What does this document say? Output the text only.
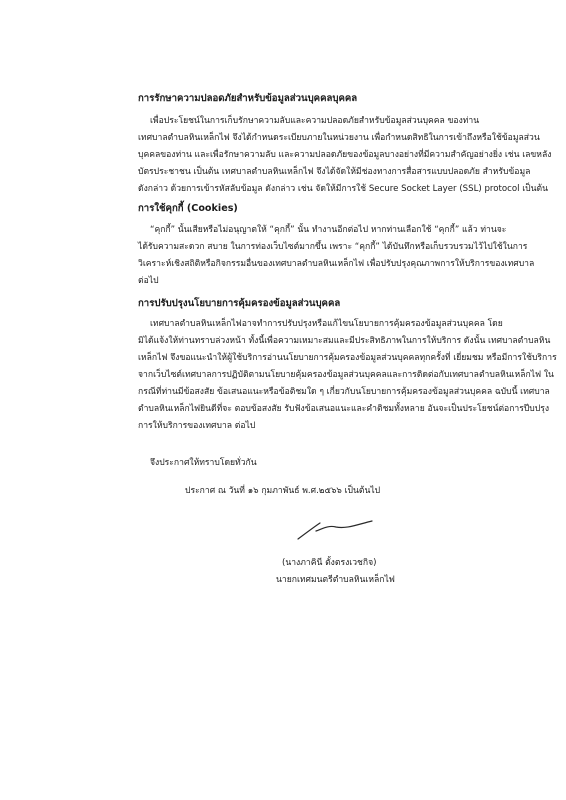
การรักษาความปลอดภัยสำหรับข้อมูลส่วนบุคคลบุคคล
เพื่อประโยชน์ในการเก็บรักษาความลับและความปลอดภัยสำหรับข้อมูลส่วนบุคคล ของท่าน
เทศบาลตำบลหินเหล็กไฟ จึงได้กำหนดระเบียบภายในหน่วยงาน เพื่อกำหนดสิทธิในการเข้าถึงหรือใช้ข้อมูลส่วน
บุคคลของท่าน และเพื่อรักษาความลับ และความปลอดภัยของข้อมูลบางอย่างที่มีความสำคัญอย่างยิ่ง เช่น เลขหลัง
บัตรประชาชน เป็นต้น เทศบาลตำบลหินเหล็กไฟ จึงได้จัดให้มีช่องทางการสื่อสารแบบปลอดภัย สำหรับข้อมูล
ดังกล่าว ด้วยการเข้ารหัสลับข้อมูล ดังกล่าว เช่น จัดให้มีการใช้ Secure Socket Layer (SSL) protocol เป็นต้น
การใช้คุกกี้ (Cookies)
“คุกกี้” นั้นเสียหรือไม่อนุญาตให้ “คุกกี้” นั้น ทำงานอีกต่อไป หากท่านเลือกใช้ “คุกกี้” แล้ว ท่านจะ
ได้รับความสะดวก สบาย ในการท่องเว็บไซต์มากขึ้น เพราะ “คุกกี้” ได้บันทึกหรือเก็บรวบรวมไว้ไปใช้ในการ
วิเคราะห์เชิงสถิติหรือกิจกรรมอื่นของเทศบาลตำบลหินเหล็กไฟ เพื่อปรับปรุงคุณภาพการให้บริการของเทศบาล
ต่อไป
การปรับปรุงนโยบายการคุ้มครองข้อมูลส่วนบุคคล
เทศบาลตำบลหินเหล็กไฟอาจทำการปรับปรุงหรือแก้ไขนโยบายการคุ้มครองข้อมูลส่วนบุคคล โดย
มิได้แจ้งให้ท่านทราบล่วงหน้า ทั้งนี้เพื่อความเหมาะสมและมีประสิทธิภาพในการให้บริการ ดังนั้น เทศบาลตำบลหิน
เหล็กไฟ จึงขอแนะนำให้ผู้ใช้บริการอ่านนโยบายการคุ้มครองข้อมูลส่วนบุคคลทุกครั้งที่ เยี่ยมชม หรือมีการใช้บริการ
จากเว็บไซต์เทศบาลการปฏิบัติตามนโยบายคุ้มครองข้อมูลส่วนบุคคลและการติดต่อกับเทศบาลตำบลหินเหล็กไฟ ใน
กรณีที่ท่านมีข้อสงสัย ข้อเสนอแนะหรือข้อติชมใด ๆ เกี่ยวกับนโยบายการคุ้มครองข้อมูลส่วนบุคคล ฉบับนี้ เทศบาล
ตำบลหินเหล็กไฟยินดีที่จะ ตอบข้อสงสัย รับฟังข้อเสนอแนะและคำติชมทั้งหลาย อันจะเป็นประโยชน์ต่อการปีบปรุง
การให้บริการของเทศบาล ต่อไป
จึงประกาศให้ทราบโดยทั่วกัน
ประกาศ ณ วันที่ ๑๖ กุมภาพันธ์ พ.ศ.๒๕๖๖ เป็นต้นไป
(นางภาคินี ตั้งตรงเวชกิจ)
นายกเทศมนตรีตำบลหินเหล็กไฟ
